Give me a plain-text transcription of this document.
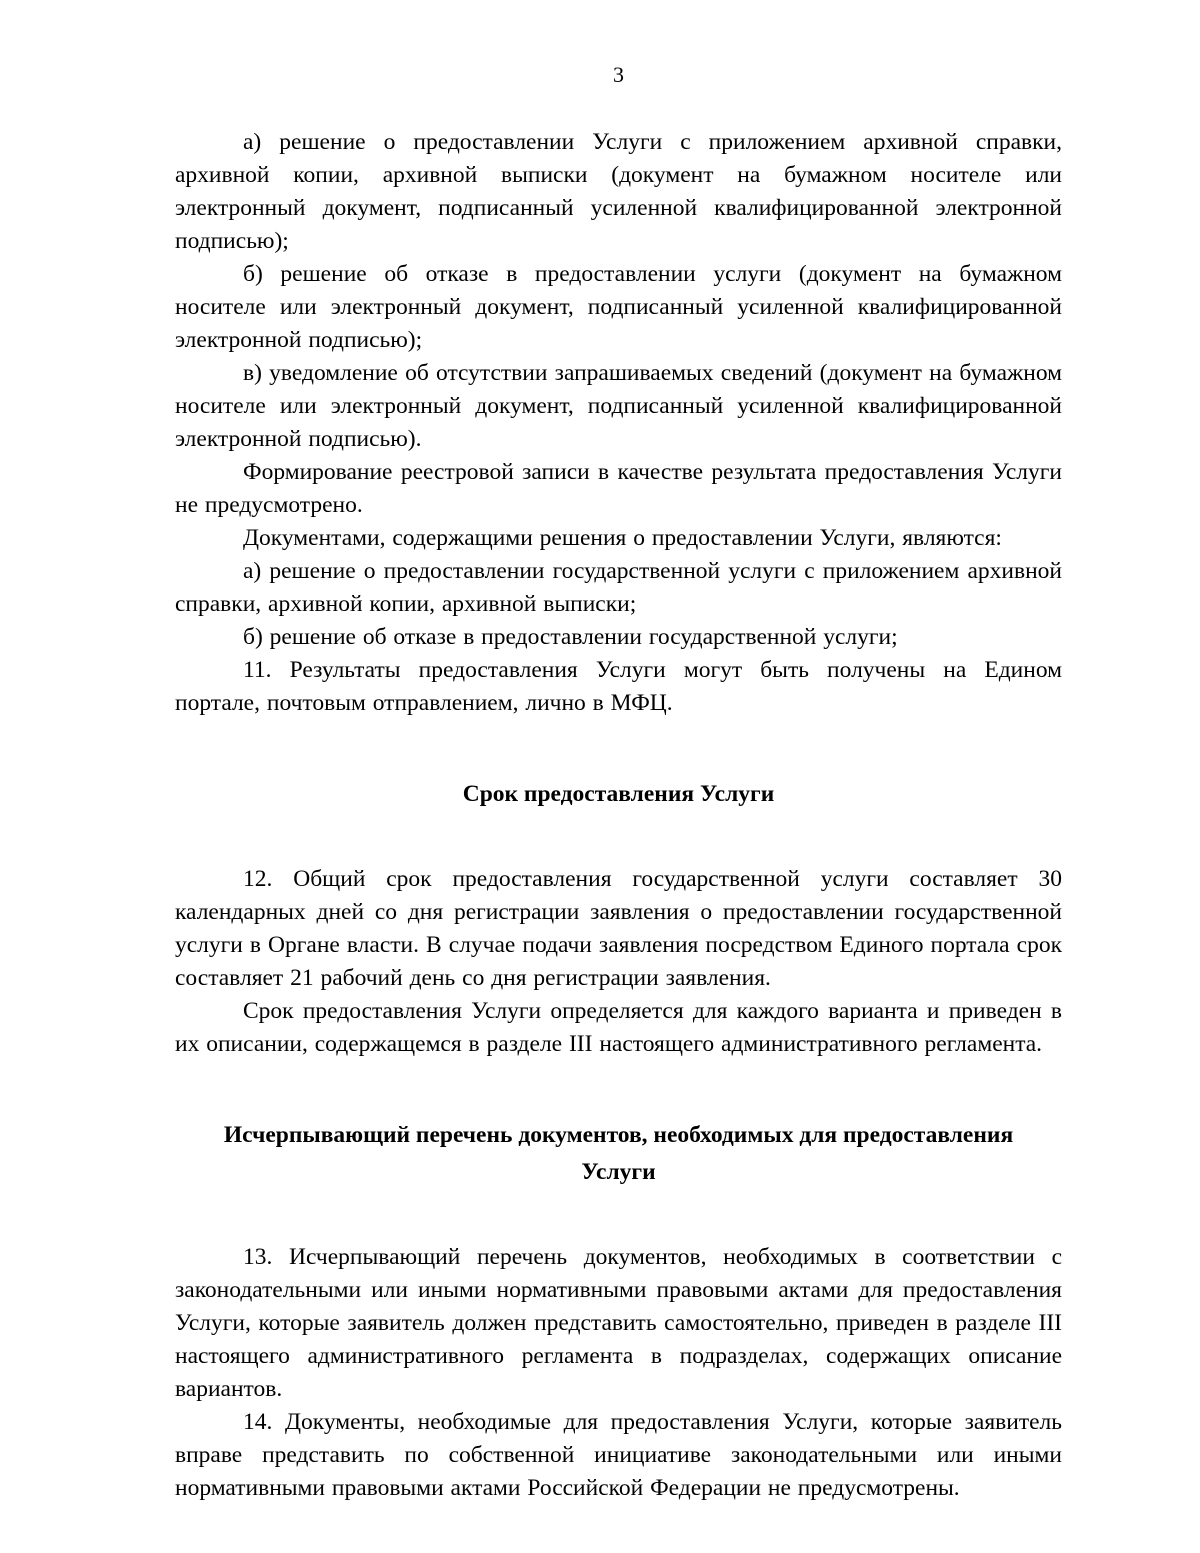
3

а) решение о предоставлении Услуги с приложением архивной справки, архивной копии, архивной выписки (документ на бумажном носителе или электронный документ, подписанный усиленной квалифицированной электронной подписью);

б) решение об отказе в предоставлении услуги (документ на бумажном носителе или электронный документ, подписанный усиленной квалифицированной электронной подписью);

в) уведомление об отсутствии запрашиваемых сведений (документ на бумажном носителе или электронный документ, подписанный усиленной квалифицированной электронной подписью).

Формирование реестровой записи в качестве результата предоставления Услуги не предусмотрено.

Документами, содержащими решения о предоставлении Услуги, являются:

а) решение о предоставлении государственной услуги с приложением архивной справки, архивной копии, архивной выписки;

б) решение об отказе в предоставлении государственной услуги;

11. Результаты предоставления Услуги могут быть получены на Едином портале, почтовым отправлением, лично в МФЦ.

Срок предоставления Услуги

12. Общий срок предоставления государственной услуги составляет 30 календарных дней со дня регистрации заявления о предоставлении государственной услуги в Органе власти. В случае подачи заявления посредством Единого портала срок составляет 21 рабочий день со дня регистрации заявления.

Срок предоставления Услуги определяется для каждого варианта и приведен в их описании, содержащемся в разделе III настоящего административного регламента.

Исчерпывающий перечень документов, необходимых для предоставления Услуги

13. Исчерпывающий перечень документов, необходимых в соответствии с законодательными или иными нормативными правовыми актами для предоставления Услуги, которые заявитель должен представить самостоятельно, приведен в разделе III настоящего административного регламента в подразделах, содержащих описание вариантов.

14. Документы, необходимые для предоставления Услуги, которые заявитель вправе представить по собственной инициативе законодательными или иными нормативными правовыми актами Российской Федерации не предусмотрены.
